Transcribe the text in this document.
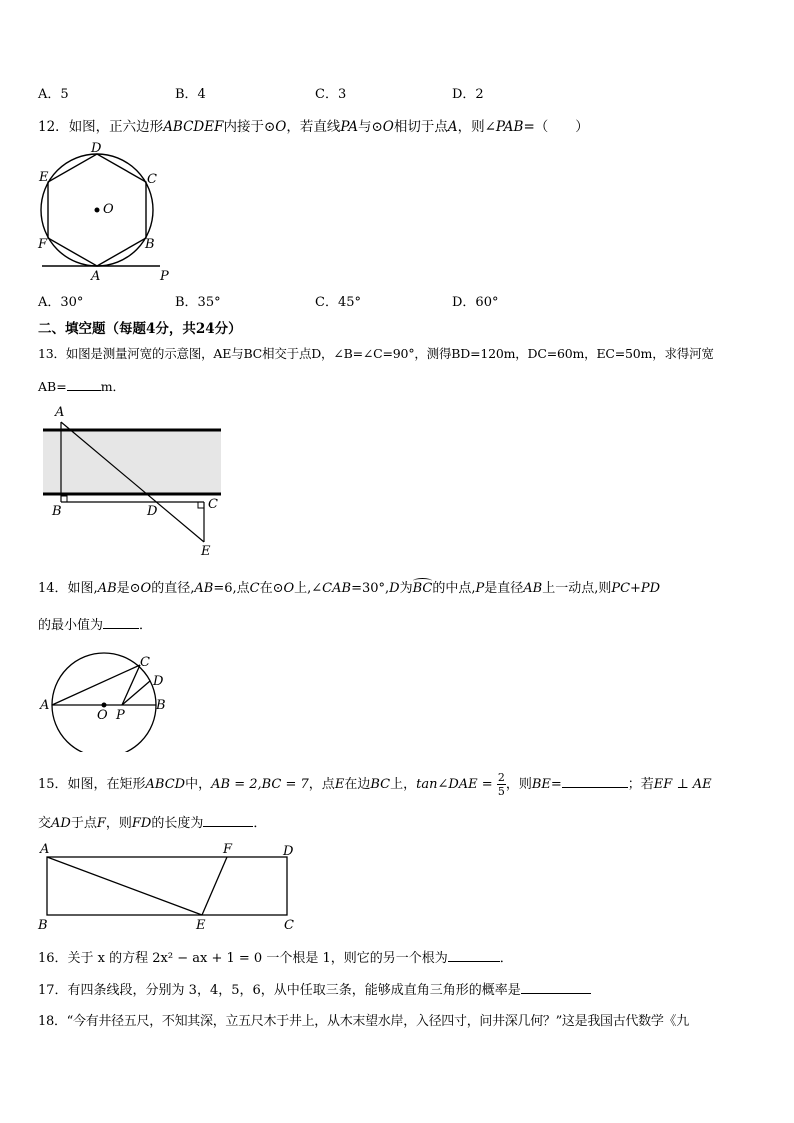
A．5	B．4	C．3	D．2
12．如图，正六边形ABCDEF内接于⊙O，若直线PA与⊙O相切于点A，则∠PAB=（　　）
D
E	C
O
F	B
A	P
A．30°	B．35°	C．45°	D．60°
二、填空题（每题4分，共24分）
13．如图是测量河宽的示意图，AE与BC相交于点D，∠B=∠C=90°，测得BD=120m，DC=60m，EC=50m，求得河宽
AB=	m．
A
B	D	C
E
14．如图,AB是⊙O的直径,AB=6,点C在⊙O上,∠CAB=30°,D为BC的中点,P是直径AB上一动点,则PC+PD
的最小值为	．
A
O P
B
C
D
15．如图，在矩形ABCD中，AB = 2,BC = 7，点E在边BC上，tan∠DAE = $\frac{2}{5}$ ，则BE=	；若EF ⊥ AE
交AD于点F，则FD的长度为	．
A	F	D
B	E	C
16．关于 x 的方程 2x² − ax + 1 = 0 一个根是 1，则它的另一个根为	．
17．有四条线段，分别为 3，4，5，6，从中任取三条，能够成直角三角形的概率是
18．“今有井径五尺，不知其深，立五尺木于井上，从木末望水岸，入径四寸，问井深几何？”这是我国古代数学《九
